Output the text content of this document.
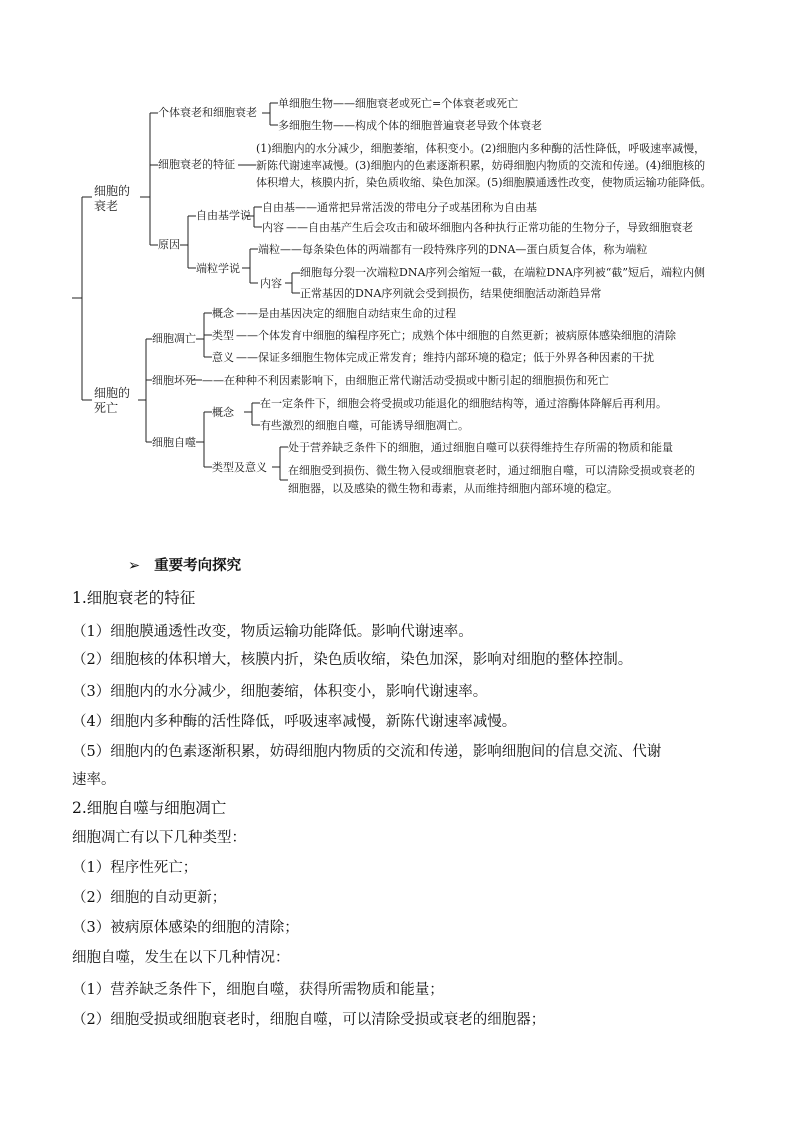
细胞的衰老
细胞的死亡
个体衰老和细胞衰老
单细胞生物——细胞衰老或死亡=个体衰老或死亡
多细胞生物——构成个体的细胞普遍衰老导致个体衰老
细胞衰老的特征
(1)细胞内的水分减少，细胞萎缩，体积变小。(2)细胞内多种酶的活性降低，呼吸速率减慢，
新陈代谢速率减慢。(3)细胞内的色素逐渐积累，妨碍细胞内物质的交流和传递。(4)细胞核的
体积增大，核膜内折，染色质收缩、染色加深。(5)细胞膜通透性改变，使物质运输功能降低。
原因
自由基学说
自由基——通常把异常活泼的带电分子或基团称为自由基
内容 ——自由基产生后会攻击和破坏细胞内各种执行正常功能的生物分子，导致细胞衰老
端粒学说
端粒——每条染色体的两端都有一段特殊序列的DNA—蛋白质复合体，称为端粒
内容
细胞每分裂一次端粒DNA序列会缩短一截，在端粒DNA序列被“截”短后，端粒内侧
正常基因的DNA序列就会受到损伤，结果使细胞活动渐趋异常
细胞凋亡
概念 ——是由基因决定的细胞自动结束生命的过程
类型 ——个体发育中细胞的编程序死亡；成熟个体中细胞的自然更新；被病原体感染细胞的清除
意义 ——保证多细胞生物体完成正常发育；维持内部环境的稳定；低于外界各种因素的干扰
细胞坏死 ——在种种不利因素影响下，由细胞正常代谢活动受损或中断引起的细胞损伤和死亡
细胞自噬
概念
在一定条件下，细胞会将受损或功能退化的细胞结构等，通过溶酶体降解后再利用。
有些激烈的细胞自噬，可能诱导细胞凋亡。
类型及意义
处于营养缺乏条件下的细胞，通过细胞自噬可以获得维持生存所需的物质和能量
在细胞受到损伤、微生物入侵或细胞衰老时，通过细胞自噬，可以清除受损或衰老的
细胞器，以及感染的微生物和毒素，从而维持细胞内部环境的稳定。
➢ 重要考向探究
1.细胞衰老的特征
（1）细胞膜通透性改变，物质运输功能降低。影响代谢速率。
（2）细胞核的体积增大，核膜内折，染色质收缩，染色加深，影响对细胞的整体控制。
（3）细胞内的水分减少，细胞萎缩，体积变小，影响代谢速率。
（4）细胞内多种酶的活性降低，呼吸速率减慢，新陈代谢速率减慢。
（5）细胞内的色素逐渐积累，妨碍细胞内物质的交流和传递，影响细胞间的信息交流、代谢
速率。
2.细胞自噬与细胞凋亡
细胞凋亡有以下几种类型：
（1）程序性死亡；
（2）细胞的自动更新；
（3）被病原体感染的细胞的清除；
细胞自噬，发生在以下几种情况：
（1）营养缺乏条件下，细胞自噬，获得所需物质和能量；
（2）细胞受损或细胞衰老时，细胞自噬，可以清除受损或衰老的细胞器；
